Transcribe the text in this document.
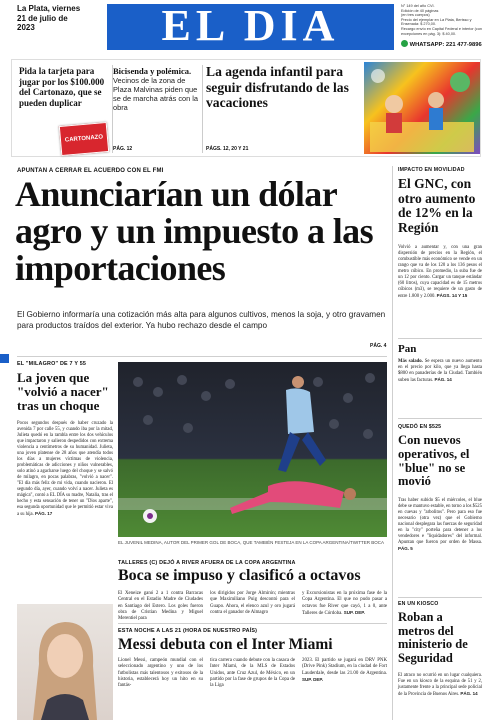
La Plata, viernes 21 de julio de 2023	EL DIA	N° 149 del año CVI.
Edición de 40 páginas
(en tres cuerpos)
Precio del ejemplar en La Plata, Berisso y Ensenada: $ 270,00.
Recargo envío en Capital Federal e interior (con excepciones en pág. 3): $ 40,00.
WHATSAPP: 221 477-9896
Pida la tarjeta para jugar por los $100.000 del Cartonazo, que se pueden duplicar
CARTONAZO
Bicisenda y polémica.
Vecinos de la zona de Plaza Malvinas piden que se de marcha atrás con la obra
PÁG. 12
La agenda infantil para seguir disfrutando de las vacaciones
PÁGS. 12, 20 Y 21
APUNTAN A CERRAR EL ACUERDO CON EL FMI
Anunciarían un dólar agro y un impuesto a las importaciones
El Gobierno informaría una cotización más alta para algunos cultivos, menos la soja, y otro gravamen para productos traídos del exterior. Ya hubo rechazo desde el campo
PÁG. 4
IMPACTO EN MOVILIDAD
El GNC, con otro aumento de 12% en la Región
Volvió a aumentar y, con una gran dispersión de precios en la Región, el combustible más económico se vende en un rango que va de los 120 a los 136 pesos el metro cúbico. En promedio, la suba fue de un 12 por ciento. Cargar un tanque estándar (60 litros), cuya capacidad es de 15 metros cúbicos (m3), se requiere de un gasto de entre 1.800 y 2.000. PÁGS. 14 Y 15
Pan
Más salado. Se espera un nuevo aumento en el precio por kilo, que ya llega hasta $800 en panaderías de la Ciudad. También suben las facturas. PÁG. 14
QUEDÓ EN $525
Con nuevos operativos, el "blue" no se movió
Tras haber subido $5 el miércoles, el blue debe se mantuvo estable, en torno a los $525 en cuevas y "arbolitos". Pero para eso fue necesario (otra vez) que el Gobierno nacional desplegara las fuerzas de seguridad en la "city" porteña para detener a los vendedores e "liquidadores" del informal. Apuntan que fueron por orden de Massa. PÁG. 5
EN UN KIOSCO
Roban a metros del ministerio de Seguridad
El atraco no ocurrió en un lugar cualquiera. Fue en un kiosco de la esquina de 51 y 2, justamente frente a la principal sede policial de la Provincia de Buenos Aires. PÁG. 14
EL "MILAGRO" DE 7 Y 55
La joven que "volvió a nacer" tras un choque
Pocos segundos después de haber cruzado la avenida 7 por calle 55, y cuando iba por la mitad, Julieta quedó en la rambla entre los dos vehículos que impactaron y salieron despedidos con extrema violencia a centímetros de su humanidad. Julieta, una joven platense de 28 años que atendía todos los días a mujeres víctimas de violencia, problemáticas de adicciones y niños vulnerables, solo atinó a agacharse luego del choque y se salvó de milagro, en pocas palabras, "volvió a nacer". "El día más feliz de mi vida, cuando nacieron. El segundo día, ayer, cuando volví a nacer. Julieta es mágica", contó a EL DÍA su madre, Natalia, tras el hecho y esta sensación de tener un "Dios aparte", esa segunda oportunidad que le permitió estar viva a su hija. PÁG. 17
EL JUVENIL MEDINA, AUTOR DEL PRIMER GOL DE BOCA, QUE TAMBIÉN FESTEJA EN LA COPA ARGENTINA/TWITTER BOCA
TALLERES (C) DEJÓ A RIVER AFUERA DE LA COPA ARGENTINA
Boca se impuso y clasificó a octavos
El Xeneize ganó 2 a 1 contra Barracas Central en el Estadio Madre de Ciudades en Santiago del Estero. Los goles fueron obra de Cristian Medina y Miguel Merentiel para
los dirigidos por Jorge Almirón; mientras que Maximiliano Puig descontó para el Guapo. Ahora, el elenco azul y oro jugará contra el ganador de Almagro
y Excursionistas en la próxima fase de la Copa Argentina. El que no pudo pasar a octavos fue River que cayó, 1 a 0, ante Talleres de Córdoba. SUP. DEP.
ESTA NOCHE A LAS 21 (HORA DE NUESTRO PAÍS)
Messi debuta con el Inter Miami
Lionel Messi, campeón mundial con el seleccionado argentino y uno de los futbolistas más talentosos y exitosos de la historia, establecerá hoy un hito en su fantás-
tica carrera cuando debute con la casaca de Inter Miami, de la MLS de Estados Unidos, ante Cruz Azul, de México, en un partido por la fase de grupos de la Copa de la Liga
2023. El partido se jugará en DRV PNK (Drive Pink) Stadium, en la ciudad de Fort Lauderdale, desde las 21.00 de Argentina. SUP. DEP.
